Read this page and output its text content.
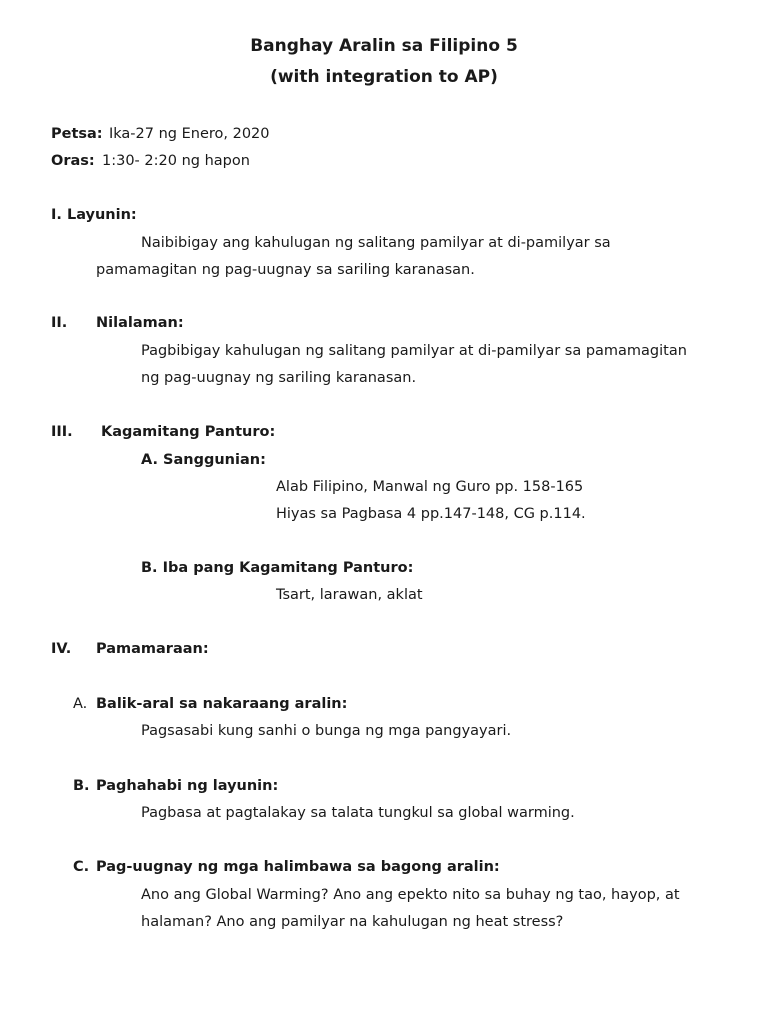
Banghay Aralin sa Filipino 5
(with integration to AP)
Petsa: Ika-27 ng Enero, 2020
Oras: 1:30- 2:20 ng hapon
I. Layunin:
Naibibigay ang kahulugan ng salitang pamilyar at di-pamilyar sa
pamamagitan ng pag-uugnay sa sariling karanasan.
II. Nilalaman:
Pagbibigay kahulugan ng salitang pamilyar at di-pamilyar sa pamamagitan
ng pag-uugnay ng sariling karanasan.
III. Kagamitang Panturo:
A. Sanggunian:
Alab Filipino, Manwal ng Guro pp. 158-165
Hiyas sa Pagbasa 4 pp.147-148, CG p.114.
B. Iba pang Kagamitang Panturo:
Tsart, larawan, aklat
IV. Pamamaraan:
A. Balik-aral sa nakaraang aralin:
Pagsasabi kung sanhi o bunga ng mga pangyayari.
B. Paghahabi ng layunin:
Pagbasa at pagtalakay sa talata tungkul sa global warming.
C. Pag-uugnay ng mga halimbawa sa bagong aralin:
Ano ang Global Warming? Ano ang epekto nito sa buhay ng tao, hayop, at
halaman? Ano ang pamilyar na kahulugan ng heat stress?
